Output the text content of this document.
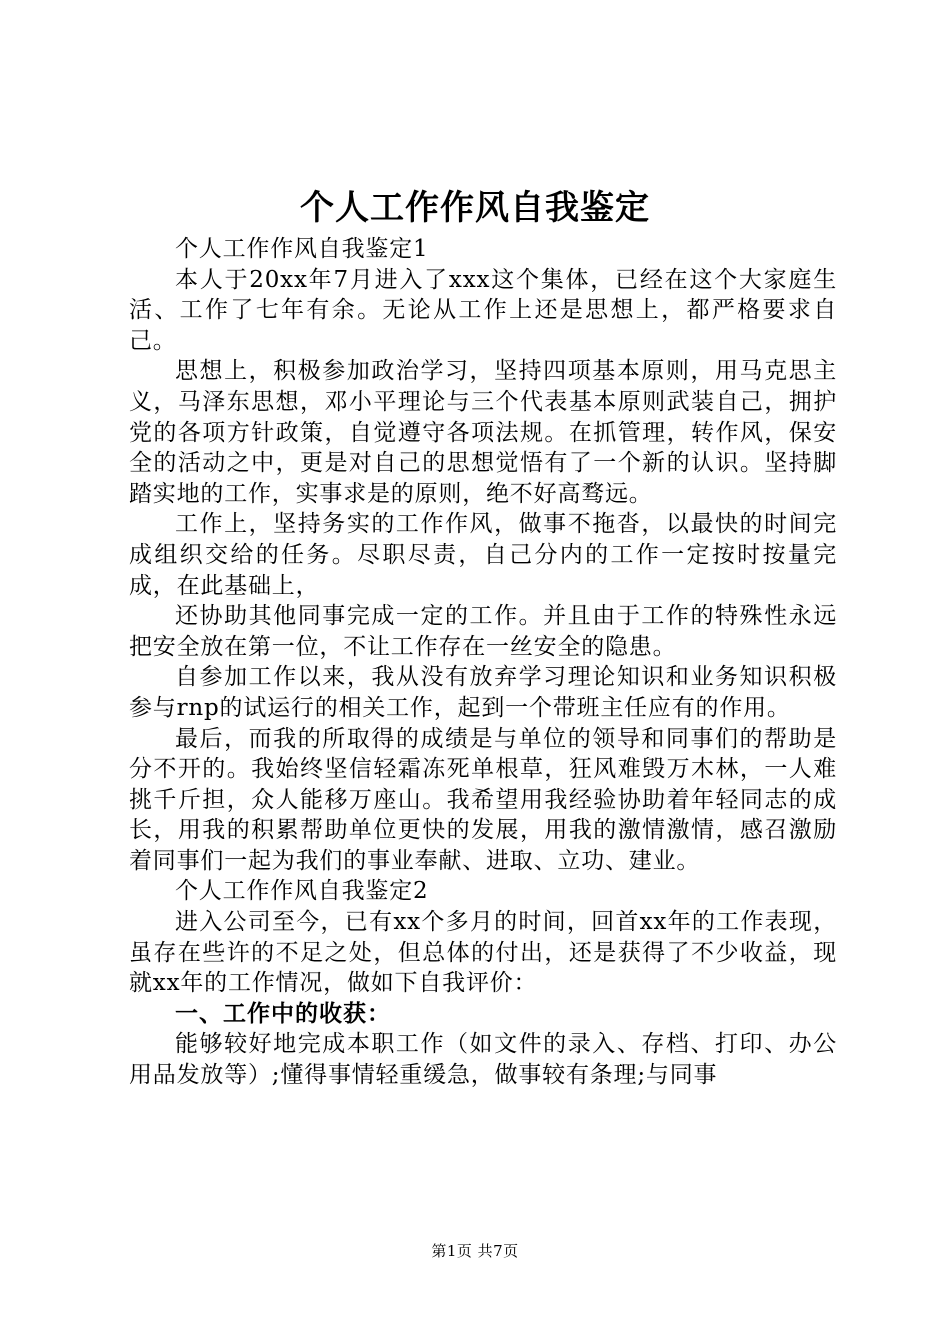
个人工作作风自我鉴定

个人工作作风自我鉴定1

本人于20xx年7月进入了xxx这个集体，已经在这个大家庭生活、工作了七年有余。无论从工作上还是思想上，都严格要求自己。

思想上，积极参加政治学习，坚持四项基本原则，用马克思主义，马泽东思想，邓小平理论与三个代表基本原则武装自己，拥护党的各项方针政策，自觉遵守各项法规。在抓管理，转作风，保安全的活动之中，更是对自己的思想觉悟有了一个新的认识。坚持脚踏实地的工作，实事求是的原则，绝不好高骛远。

工作上，坚持务实的工作作风，做事不拖沓，以最快的时间完成组织交给的任务。尽职尽责，自己分内的工作一定按时按量完成，在此基础上，

还协助其他同事完成一定的工作。并且由于工作的特殊性永远把安全放在第一位，不让工作存在一丝安全的隐患。

自参加工作以来，我从没有放弃学习理论知识和业务知识积极参与rnp的试运行的相关工作，起到一个带班主任应有的作用。

最后，而我的所取得的成绩是与单位的领导和同事们的帮助是分不开的。我始终坚信轻霜冻死单根草，狂风难毁万木林，一人难挑千斤担，众人能移万座山。我希望用我经验协助着年轻同志的成长，用我的积累帮助单位更快的发展，用我的激情激情，感召激励着同事们一起为我们的事业奉献、进取、立功、建业。

个人工作作风自我鉴定2

进入公司至今，已有xx个多月的时间，回首xx年的工作表现，虽存在些许的不足之处，但总体的付出，还是获得了不少收益，现就xx年的工作情况，做如下自我评价：

一、工作中的收获：

能够较好地完成本职工作（如文件的录入、存档、打印、办公用品发放等）;懂得事情轻重缓急，做事较有条理;与同事

第1页 共7页
